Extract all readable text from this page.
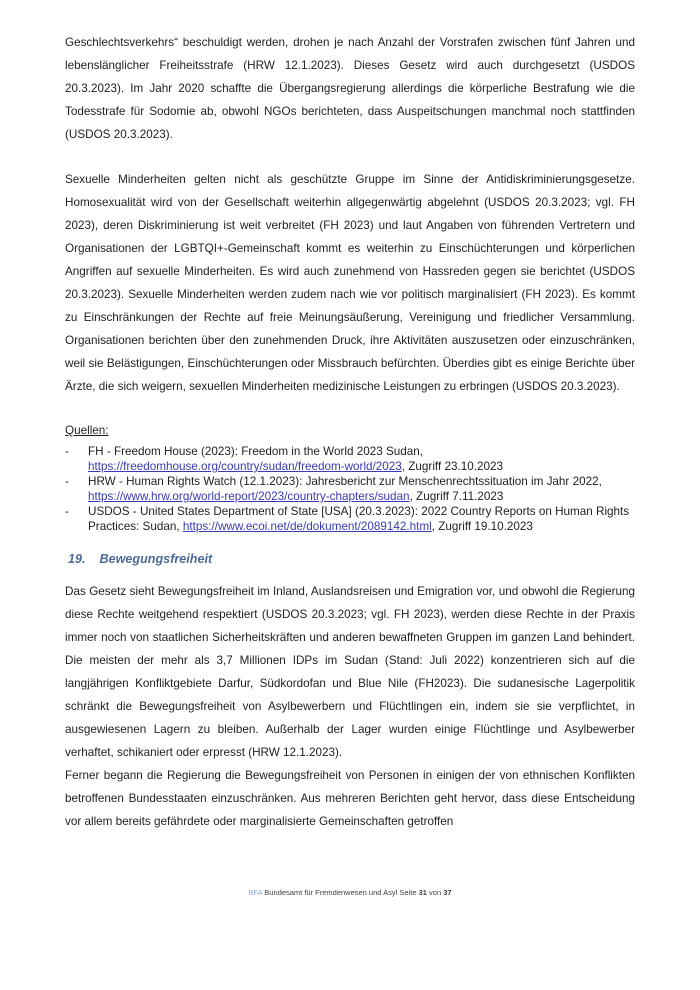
Geschlechtsverkehrs“ beschuldigt werden, drohen je nach Anzahl der Vorstrafen zwischen fünf Jahren und lebenslänglicher Freiheitsstrafe (HRW 12.1.2023). Dieses Gesetz wird auch durchgesetzt (USDOS 20.3.2023). Im Jahr 2020 schaffte die Übergangsregierung allerdings die körperliche Bestrafung wie die Todesstrafe für Sodomie ab, obwohl NGOs berichteten, dass Auspeitschungen manchmal noch stattfinden (USDOS 20.3.2023).

Sexuelle Minderheiten gelten nicht als geschützte Gruppe im Sinne der Antidiskriminierungsgesetze. Homosexualität wird von der Gesellschaft weiterhin allgegenwärtig abgelehnt (USDOS 20.3.2023; vgl. FH 2023), deren Diskriminierung ist weit verbreitet (FH 2023) und laut Angaben von führenden Vertretern und Organisationen der LGBTQI+-Gemeinschaft kommt es weiterhin zu Einschüchterungen und körperlichen Angriffen auf sexuelle Minderheiten. Es wird auch zunehmend von Hassreden gegen sie berichtet (USDOS 20.3.2023). Sexuelle Minderheiten werden zudem nach wie vor politisch marginalisiert (FH 2023). Es kommt zu Einschränkungen der Rechte auf freie Meinungsäußerung, Vereinigung und friedlicher Versammlung. Organisationen berichten über den zunehmenden Druck, ihre Aktivitäten auszusetzen oder einzuschränken, weil sie Belästigungen, Einschüchterungen oder Missbrauch befürchten. Überdies gibt es einige Berichte über Ärzte, die sich weigern, sexuellen Minderheiten medizinische Leistungen zu erbringen (USDOS 20.3.2023).

Quellen:
- FH - Freedom House (2023): Freedom in the World 2023 Sudan, https://freedomhouse.org/country/sudan/freedom-world/2023, Zugriff 23.10.2023
- HRW - Human Rights Watch (12.1.2023): Jahresbericht zur Menschenrechtssituation im Jahr 2022, https://www.hrw.org/world-report/2023/country-chapters/sudan, Zugriff 7.11.2023
- USDOS - United States Department of State [USA] (20.3.2023): 2022 Country Reports on Human Rights Practices: Sudan, https://www.ecoi.net/de/dokument/2089142.html, Zugriff 19.10.2023
19. Bewegungsfreiheit

Das Gesetz sieht Bewegungsfreiheit im Inland, Auslandsreisen und Emigration vor, und obwohl die Regierung diese Rechte weitgehend respektiert (USDOS 20.3.2023; vgl. FH 2023), werden diese Rechte in der Praxis immer noch von staatlichen Sicherheitskräften und anderen bewaffneten Gruppen im ganzen Land behindert. Die meisten der mehr als 3,7 Millionen IDPs im Sudan (Stand: Juli 2022) konzentrieren sich auf die langjährigen Konfliktgebiete Darfur, Südkordofan und Blue Nile (FH2023). Die sudanesische Lagerpolitik schränkt die Bewegungsfreiheit von Asylbewerbern und Flüchtlingen ein, indem sie sie verpflichtet, in ausgewiesenen Lagern zu bleiben. Außerhalb der Lager wurden einige Flüchtlinge und Asylbewerber verhaftet, schikaniert oder erpresst (HRW 12.1.2023).

Ferner begann die Regierung die Bewegungsfreiheit von Personen in einigen der von ethnischen Konflikten betroffenen Bundesstaaten einzuschränken. Aus mehreren Berichten geht hervor, dass diese Entscheidung vor allem bereits gefährdete oder marginalisierte Gemeinschaften getroffen

BFA Bundesamt für Fremdenwesen und Asyl Seite 31 von 37
